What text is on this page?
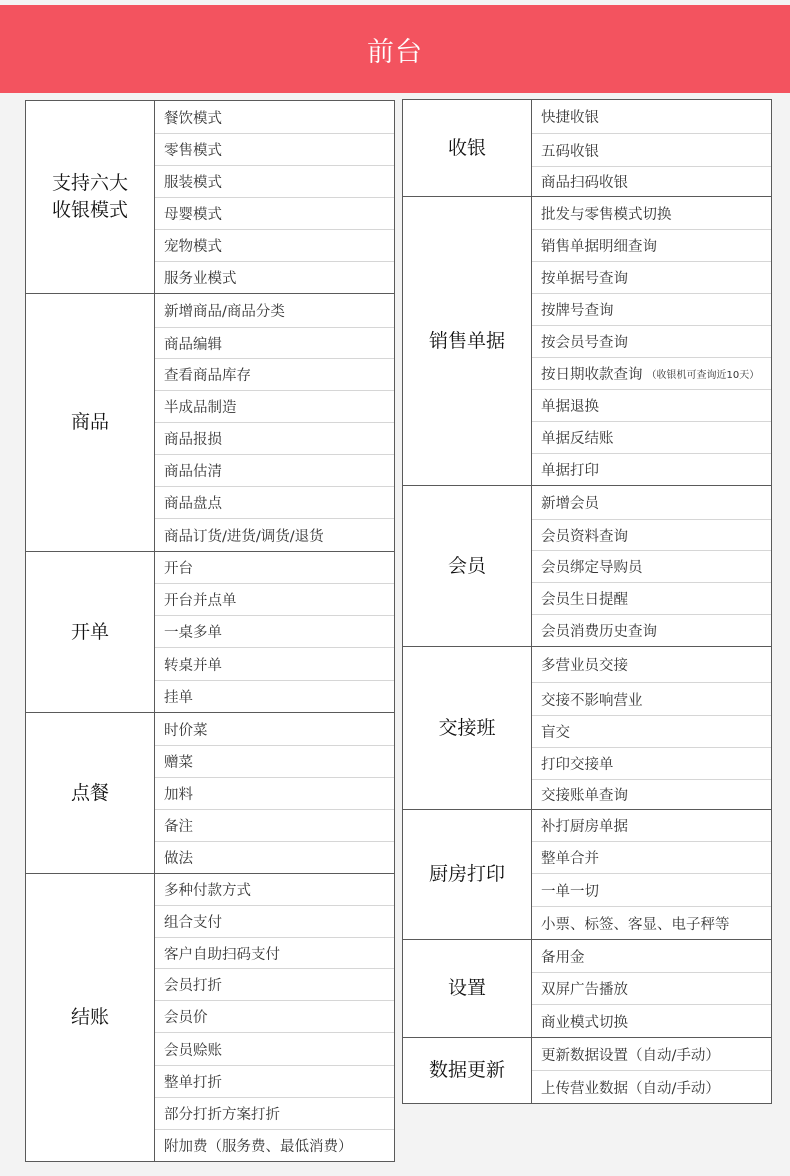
前台
支持六大
收银模式
餐饮模式
零售模式
服装模式
母婴模式
宠物模式
服务业模式
商品
新增商品/商品分类
商品编辑
查看商品库存
半成品制造
商品报损
商品估清
商品盘点
商品订货/进货/调货/退货
开单
开台
开台并点单
一桌多单
转桌并单
挂单
点餐
时价菜
赠菜
加料
备注
做法
结账
多种付款方式
组合支付
客户自助扫码支付
会员打折
会员价
会员赊账
整单打折
部分打折方案打折
附加费（服务费、最低消费）
收银
快捷收银
五码收银
商品扫码收银
销售单据
批发与零售模式切换
销售单据明细查询
按单据号查询
按牌号查询
按会员号查询
按日期收款查询 （收银机可查询近10天）
单据退换
单据反结账
单据打印
会员
新增会员
会员资料查询
会员绑定导购员
会员生日提醒
会员消费历史查询
交接班
多营业员交接
交接不影响营业
盲交
打印交接单
交接账单查询
厨房打印
补打厨房单据
整单合并
一单一切
小票、标签、客显、电子秤等
设置
备用金
双屏广告播放
商业模式切换
数据更新
更新数据设置（自动/手动）
上传营业数据（自动/手动）
